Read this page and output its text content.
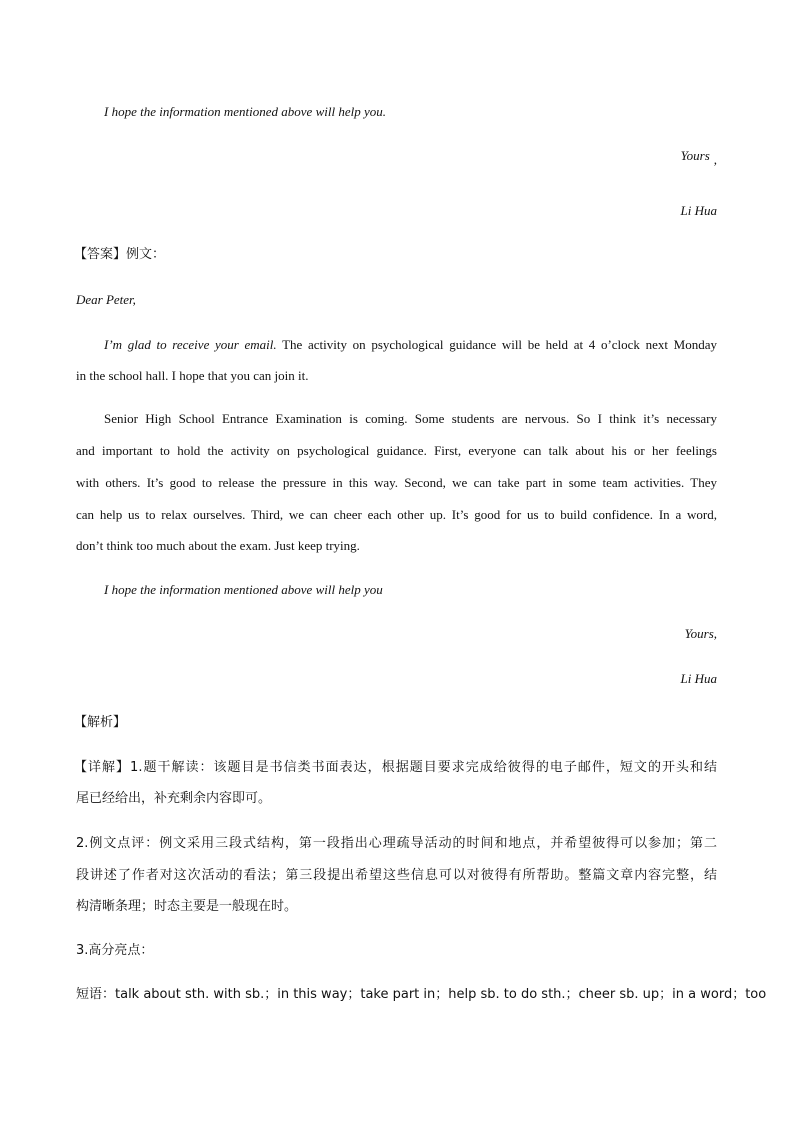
I hope the information mentioned above will help you.
Yours ,
Li Hua
【答案】例文：
Dear Peter,
I’m glad to receive your email. The activity on psychological guidance will be held at 4 o’clock next Monday
in the school hall. I hope that you can join it.
Senior High School Entrance Examination is coming. Some students are nervous. So I think it’s necessary
and important to hold the activity on psychological guidance. First, everyone can talk about his or her feelings
with others. It’s good to release the pressure in this way. Second, we can take part in some team activities. They
can help us to relax ourselves. Third, we can cheer each other up. It’s good for us to build confidence. In a word,
don’t think too much about the exam. Just keep trying.
I hope the information mentioned above will help you
Yours,
Li Hua
【解析】
【详解】1.题干解读：该题目是书信类书面表达，根据题目要求完成给彼得的电子邮件，短文的开头和结
尾已经给出，补充剩余内容即可。
2.例文点评：例文采用三段式结构，第一段指出心理疏导活动的时间和地点，并希望彼得可以参加；第二
段讲述了作者对这次活动的看法；第三段提出希望这些信息可以对彼得有所帮助。整篇文章内容完整，结
构清晰条理；时态主要是一般现在时。
3.高分亮点：
短语：talk about sth. with sb.；in this way；take part in；help sb. to do sth.；cheer sb. up；in a word；too
